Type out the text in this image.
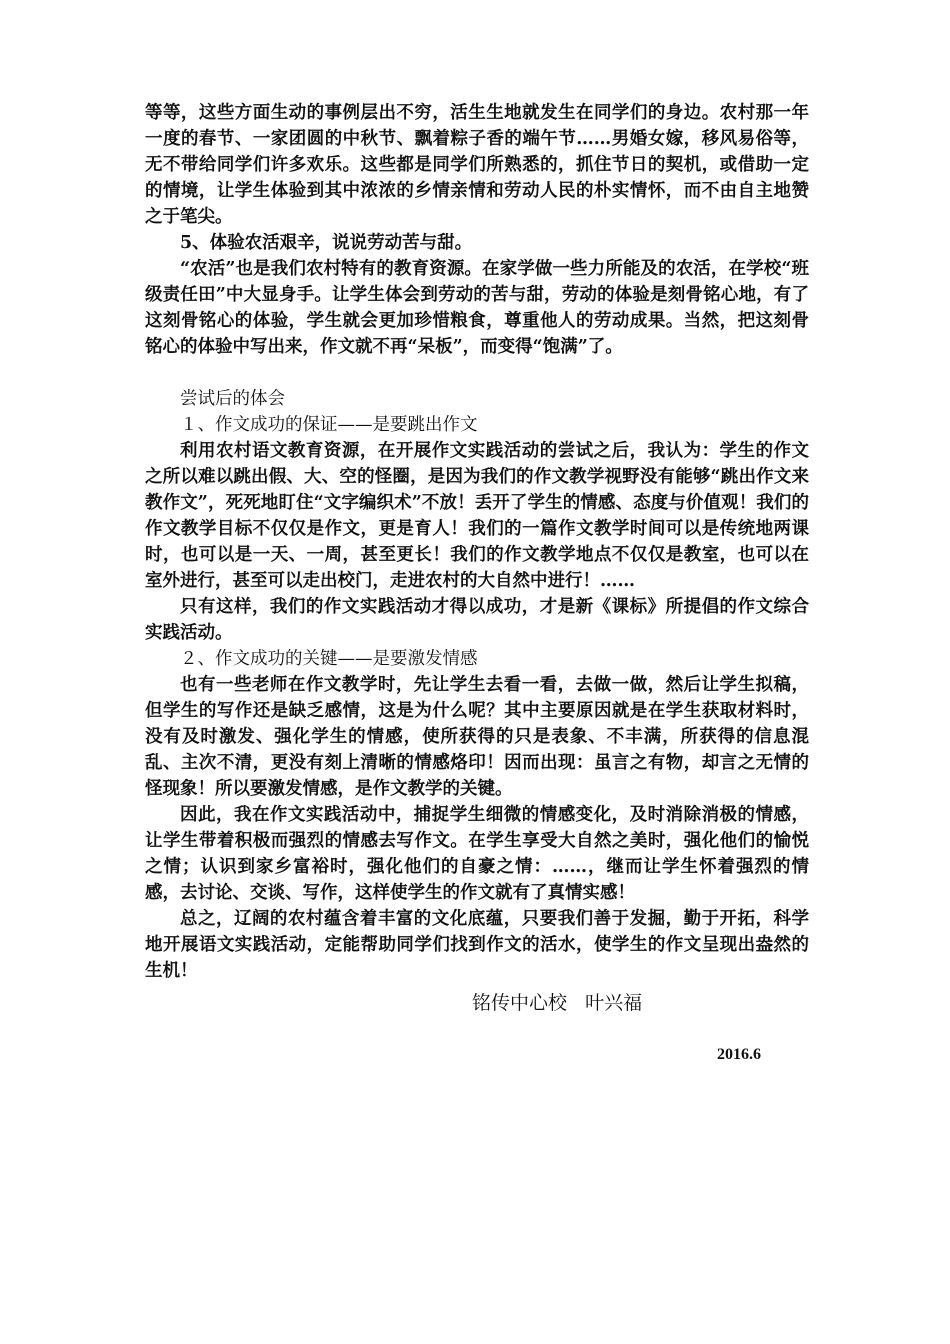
等等，这些方面生动的事例层出不穷，活生生地就发生在同学们的身边。农村那一年一度的春节、一家团圆的中秋节、飘着粽子香的端午节……男婚女嫁，移风易俗等，无不带给同学们许多欢乐。这些都是同学们所熟悉的，抓住节日的契机，或借助一定的情境，让学生体验到其中浓浓的乡情亲情和劳动人民的朴实情怀，而不由自主地赞之于笔尖。

5、体验农活艰辛，说说劳动苦与甜。

“农活”也是我们农村特有的教育资源。在家学做一些力所能及的农活，在学校“班级责任田”中大显身手。让学生体会到劳动的苦与甜，劳动的体验是刻骨铭心地，有了这刻骨铭心的体验，学生就会更加珍惜粮食，尊重他人的劳动成果。当然，把这刻骨铭心的体验中写出来，作文就不再“呆板”，而变得“饱满”了。

尝试后的体会

１、作文成功的保证——是要跳出作文

利用农村语文教育资源，在开展作文实践活动的尝试之后，我认为：学生的作文之所以难以跳出假、大、空的怪圈，是因为我们的作文教学视野没有能够“跳出作文来教作文”，死死地盯住“文字编织术”不放！丢开了学生的情感、态度与价值观！我们的作文教学目标不仅仅是作文，更是育人！我们的一篇作文教学时间可以是传统地两课时，也可以是一天、一周，甚至更长！我们的作文教学地点不仅仅是教室，也可以在室外进行，甚至可以走出校门，走进农村的大自然中进行！……

只有这样，我们的作文实践活动才得以成功，才是新《课标》所提倡的作文综合实践活动。

２、作文成功的关键——是要激发情感

也有一些老师在作文教学时，先让学生去看一看，去做一做，然后让学生拟稿，但学生的写作还是缺乏感情，这是为什么呢？其中主要原因就是在学生获取材料时，没有及时激发、强化学生的情感，使所获得的只是表象、不丰满，所获得的信息混乱、主次不清，更没有刻上清晰的情感烙印！因而出现：虽言之有物，却言之无情的怪现象！所以要激发情感，是作文教学的关键。

因此，我在作文实践活动中，捕捉学生细微的情感变化，及时消除消极的情感，让学生带着积极而强烈的情感去写作文。在学生享受大自然之美时，强化他们的愉悦之情；认识到家乡富裕时，强化他们的自豪之情：……，继而让学生怀着强烈的情感，去讨论、交谈、写作，这样使学生的作文就有了真情实感！

总之，辽阔的农村蕴含着丰富的文化底蕴，只要我们善于发掘，勤于开拓，科学地开展语文实践活动，定能帮助同学们找到作文的活水，使学生的作文呈现出盎然的生机！

铭传中心校   叶兴福
2016.6
